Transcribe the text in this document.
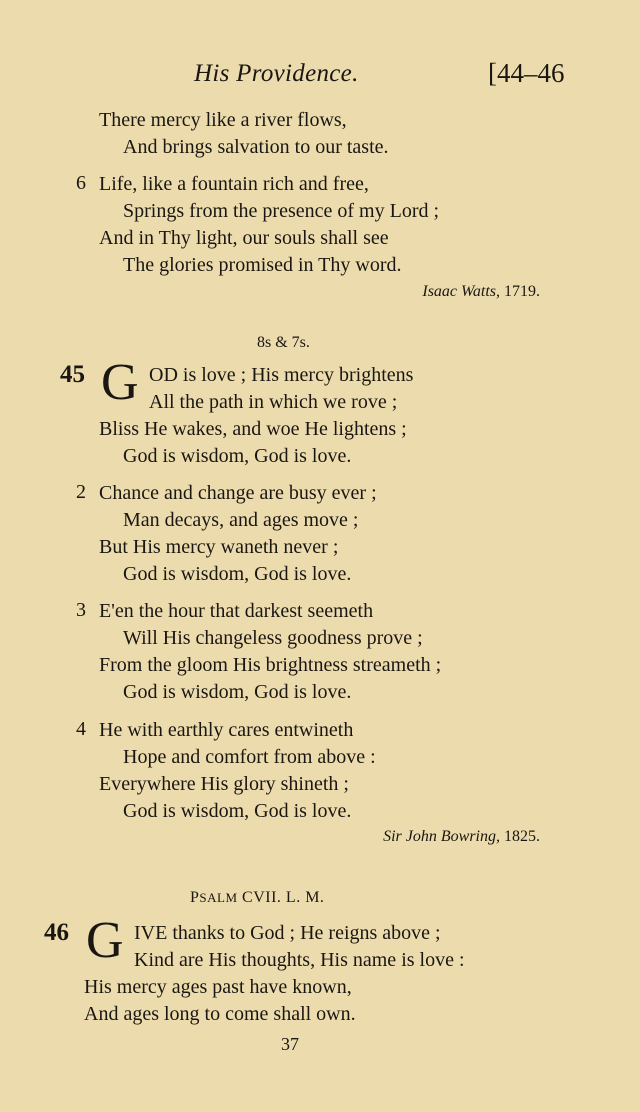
His Providence.	[44–46
There mercy like a river flows,
And brings salvation to our taste.
6 Life, like a fountain rich and free,
Springs from the presence of my Lord ;
And in Thy light, our souls shall see
The glories promised in Thy word.
Isaac Watts, 1719.
8s & 7s.
45 G OD is love ; His mercy brightens
All the path in which we rove ;
Bliss He wakes, and woe He lightens ;
God is wisdom, God is love.
2 Chance and change are busy ever ;
Man decays, and ages move ;
But His mercy waneth never ;
God is wisdom, God is love.
3 E'en the hour that darkest seemeth
Will His changeless goodness prove ;
From the gloom His brightness streameth ;
God is wisdom, God is love.
4 He with earthly cares entwineth
Hope and comfort from above :
Everywhere His glory shineth ;
God is wisdom, God is love.
Sir John Bowring, 1825.
PSALM CVII. L. M.
46 G IVE thanks to God ; He reigns above ;
Kind are His thoughts, His name is love :
His mercy ages past have known,
And ages long to come shall own.
37
